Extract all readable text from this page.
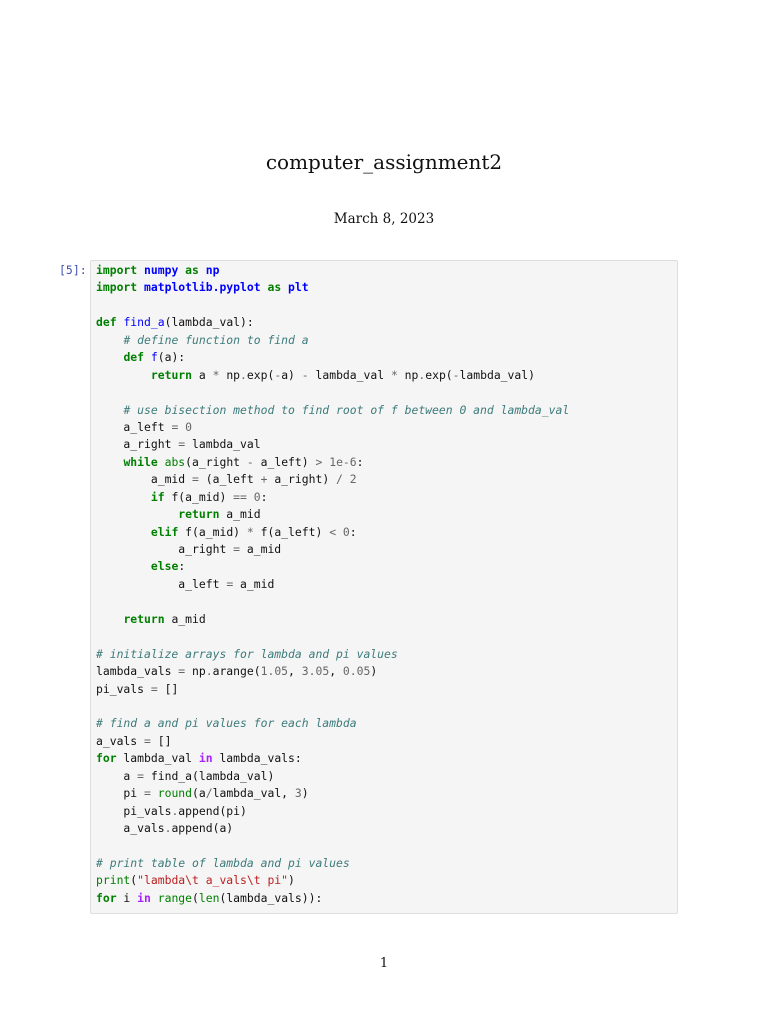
computer_assignment2
March 8, 2023
[5]: import numpy as np
import matplotlib.pyplot as plt
def find_a(lambda_val):
# define function to find a
def f(a):
return a * np.exp(-a) - lambda_val * np.exp(-lambda_val)
# use bisection method to find root of f between 0 and lambda_val
a_left = 0
a_right = lambda_val
while abs(a_right - a_left) > 1e-6:
a_mid = (a_left + a_right) / 2
if f(a_mid) == 0:
return a_mid
elif f(a_mid) * f(a_left) < 0:
a_right = a_mid
else:
a_left = a_mid
return a_mid
# initialize arrays for lambda and pi values
lambda_vals = np.arange(1.05, 3.05, 0.05)
pi_vals = []
# find a and pi values for each lambda
a_vals = []
for lambda_val in lambda_vals:
a = find_a(lambda_val)
pi = round(a/lambda_val, 3)
pi_vals.append(pi)
a_vals.append(a)
# print table of lambda and pi values
print("lambda\t a_vals\t pi")
for i in range(len(lambda_vals)):
1
